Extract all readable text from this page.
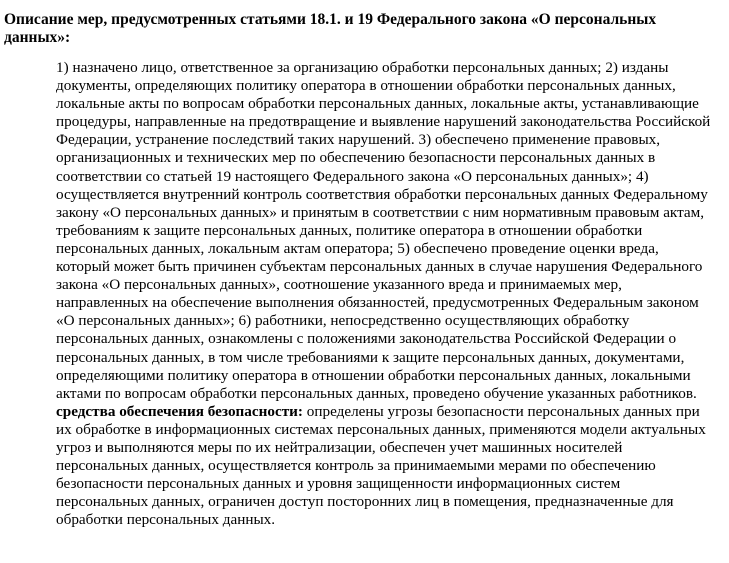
Описание мер, предусмотренных статьями 18.1. и 19 Федерального закона «О персональных данных»:

1) назначено лицо, ответственное за организацию обработки персональных данных; 2) изданы документы, определяющих политику оператора в отношении обработки персональных данных, локальные акты по вопросам обработки персональных данных, локальные акты, устанавливающие процедуры, направленные на предотвращение и выявление нарушений законодательства Российской Федерации, устранение последствий таких нарушений. 3) обеспечено применение правовых, организационных и технических мер по обеспечению безопасности персональных данных в соответствии со статьей 19 настоящего Федерального закона «О персональных данных»; 4) осуществляется внутренний контроль соответствия обработки персональных данных Федеральному закону «О персональных данных» и принятым в соответствии с ним нормативным правовым актам, требованиям к защите персональных данных, политике оператора в отношении обработки персональных данных, локальным актам оператора; 5) обеспечено проведение оценки вреда, который может быть причинен субъектам персональных данных в случае нарушения Федерального закона «О персональных данных», соотношение указанного вреда и принимаемых мер, направленных на обеспечение выполнения обязанностей, предусмотренных Федеральным законом «О персональных данных»; 6) работники, непосредственно осуществляющих обработку персональных данных, ознакомлены с положениями законодательства Российской Федерации о персональных данных, в том числе требованиями к защите персональных данных, документами, определяющими политику оператора в отношении обработки персональных данных, локальными актами по вопросам обработки персональных данных, проведено обучение указанных работников.

средства обеспечения безопасности: определены угрозы безопасности персональных данных при их обработке в информационных системах персональных данных, применяются модели актуальных угроз и выполняются меры по их нейтрализации, обеспечен учет машинных носителей персональных данных, осуществляется контроль за принимаемыми мерами по обеспечению безопасности персональных данных и уровня защищенности информационных систем персональных данных, ограничен доступ посторонних лиц в помещения, предназначенные для обработки персональных данных.
